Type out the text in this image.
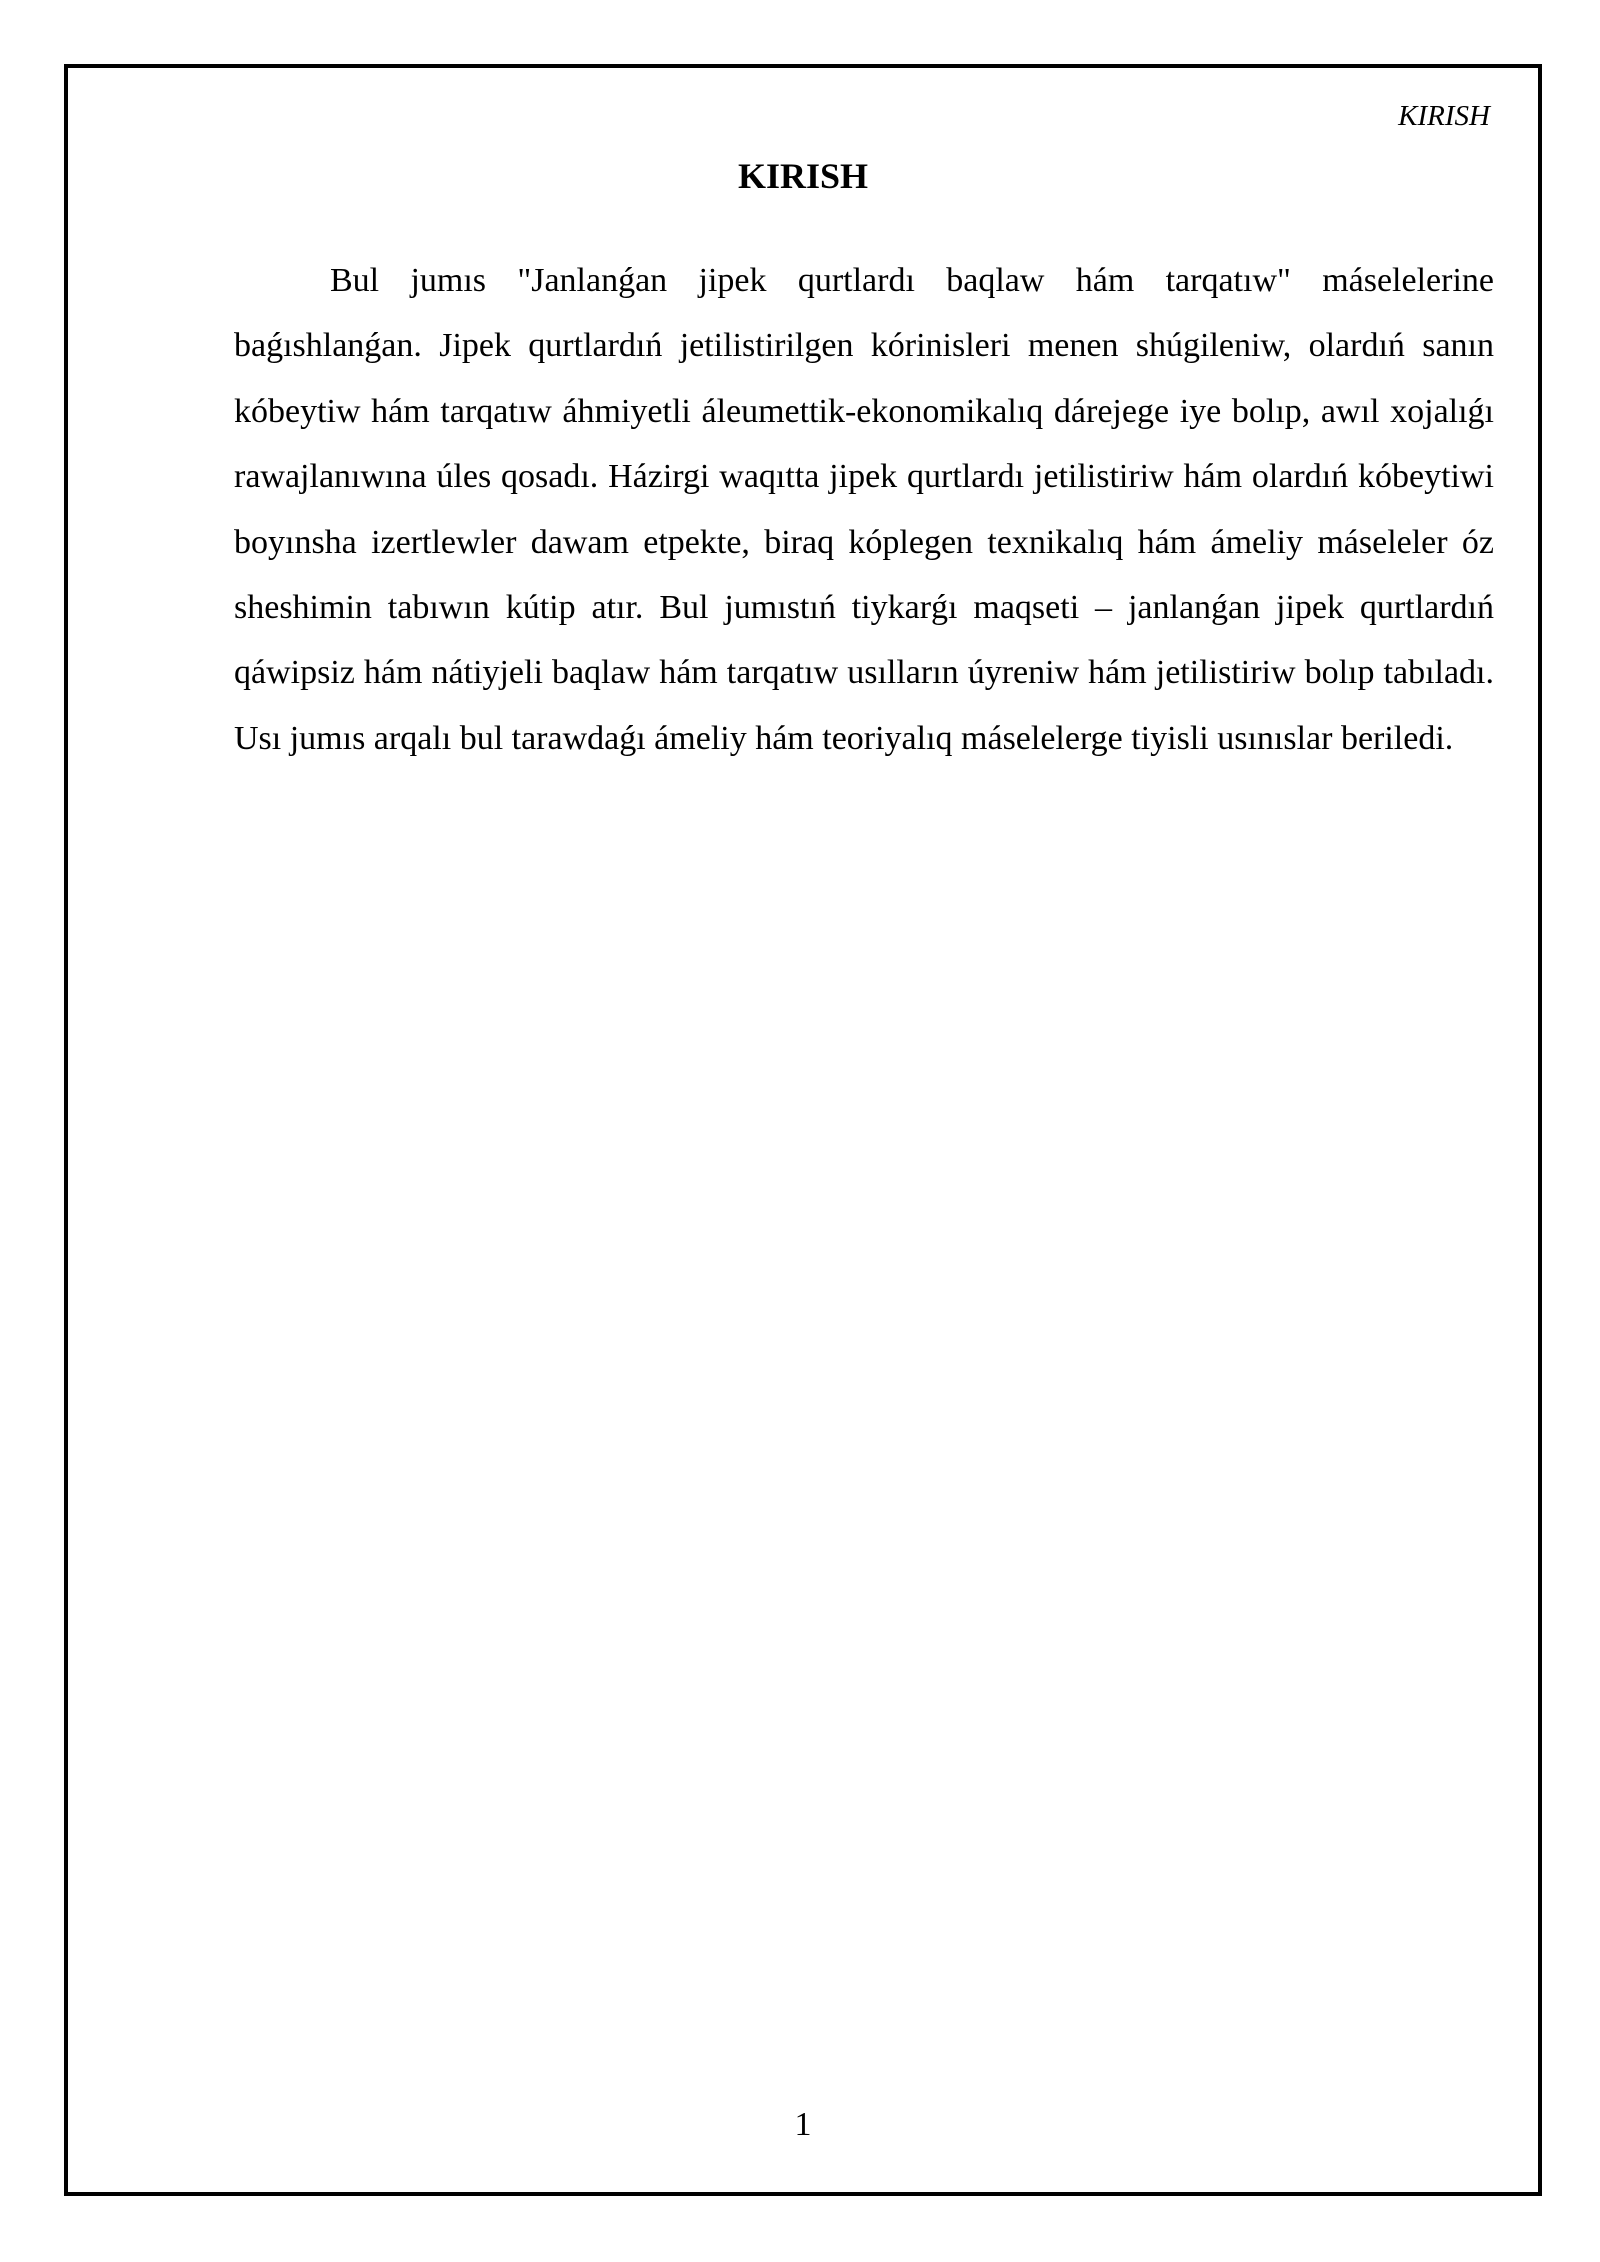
KIRISH
KIRISH

Bul jumıs "Janlanǵan jipek qurtlardı baqlaw hám tarqatıw" máselelerine baǵıshlanǵan. Jipek qurtlardıń jetilistirilgen kórinisleri menen shúgileniw, olardıń sanın kóbeytiw hám tarqatıw áhmiyetli áleumettik-ekonomikalıq dárejege iye bolıp, awıl xojalıǵı rawajlanıwına úles qosadı. Házirgi waqıtta jipek qurtlardı jetilistiriw hám olardıń kóbeytiwi boyınsha izertlewler dawam etpekte, biraq kóplegen texnikalıq hám ámeliy máseleler óz sheshimin tabıwın kútip atır. Bul jumıstıń tiykarǵı maqseti – janlanǵan jipek qurtlardıń qáwipsiz hám nátiyjeli baqlaw hám tarqatıw usılların úyreniw hám jetilistiriw bolıp tabıladı. Usı jumıs arqalı bul tarawdaǵı ámeliy hám teoriyalıq máselelerge tiyisli usınıslar beriledi.

1
